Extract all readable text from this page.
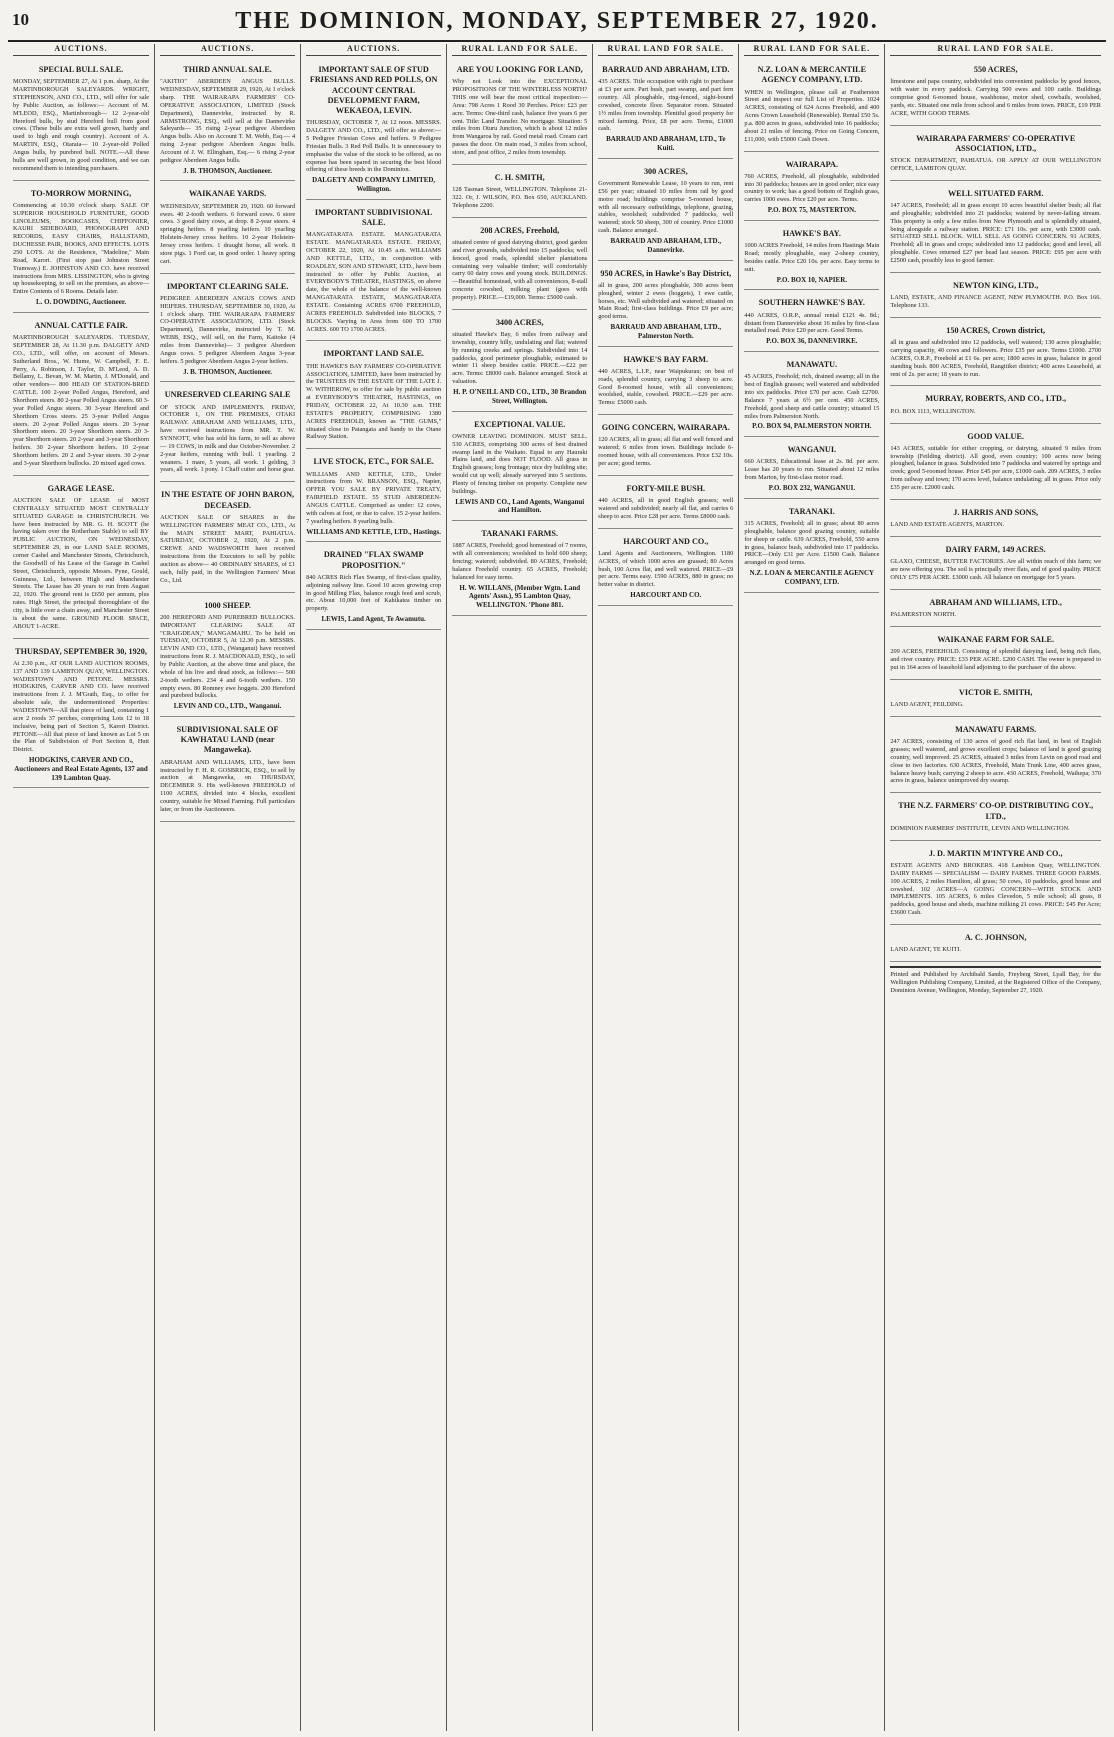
10	THE DOMINION, MONDAY, SEPTEMBER 27, 1920.
AUCTIONS.
SPECIAL BULL SALE.

MONDAY, SEPTEMBER 27, At 1 p.m. sharp, At the MARTINBOROUGH SALEYARDS. WRIGHT, STEPHENSON, AND CO., LTD., will offer for sale by Public Auction, as follows:— Account of M. M'LEOD, ESQ., Martinborough— 12 2-year-old Hereford bulls, by stud Hereford bull from good cows. (These bulls are extra well grown, hardy and used to high and rough country). Account of A. MARTIN, ESQ., Otaraia— 10 2-year-old Polled Angus bulls, by purebred bull. NOTE.—All these bulls are well grown, in good condition, and we can recommend them to intending purchasers.

TO-MORROW MORNING,

Commencing at 10.30 o'clock sharp. SALE OF SUPERIOR HOUSEHOLD FURNITURE, GOOD LINOLEUMS, BOOKCASES, CHIFFONIER, KAURI SIDEBOARD, PHONOGRAPH AND RECORDS, EASY CHAIRS, HALLSTAND, DUCHESSE PAIR, BOOKS, AND EFFECTS. LOTS 250 LOTS. At the Residence, "Madeline," Main Road, Karori. (First stop past Johnston Street Tramway.) E. JOHNSTON AND CO. have received instructions from MRS. LISSINGTON, who is giving up housekeeping, to sell on the premises, as above— Entire Contents of 6 Rooms. Details later.

L. O. DOWDING, Auctioneer.
ANNUAL CATTLE FAIR.

MARTINBOROUGH SALEYARDS. TUESDAY, SEPTEMBER 28, At 11.30 p.m. DALGETY AND CO., LTD., will offer, on account of Messrs. Sutherland Bros., W. Hume, W. Campbell, F. E. Perry, A. Robinson, J. Taylor, D. M'Leod, A. D. Bellamy, L. Bevan, W. M. Martin, J. M'Donald, and other vendors— 800 HEAD OF STATION-BRED CATTLE. 100 2-year Polled Angus, Hereford, and Shorthorn steers. 80 2-year Polled Angus steers. 60 3-year Polled Angus steers. 30 3-year Hereford and Shorthorn Cross steers. 25 3-year Polled Angus steers. 20 2-year Polled Angus steers. 20 3-year Shorthorn steers. 20 3-year Shorthorn steers. 20 3-year Shorthorn steers. 20 2-year and 3-year Shorthorn heifers. 30 2-year Shorthorn heifers. 10 2-year Shorthorn heifers. 20 2 and 3-year steers. 30 2-year and 3-year Shorthorn bullocks. 20 mixed aged cows.

GARAGE LEASE.

AUCTION SALE OF LEASE of MOST CENTRALLY SITUATED MOST CENTRALLY SITUATED GARAGE in CHRISTCHURCH. We have been instructed by MR. G. H. SCOTT (he having taken over the Rotherham Stable) to sell BY PUBLIC AUCTION, ON WEDNESDAY, SEPTEMBER 29, in our LAND SALE ROOMS, corner Cashel and Manchester Streets, Christchurch, the Goodwill of his Lease of the Garage in Cashel Street, Christchurch, opposite Messrs. Pyne, Gould, Guinness, Ltd., between High and Manchester Streets. The Lease has 20 years to run from August 22, 1920. The ground rent is £650 per annum, plus rates. High Street, the principal thoroughfare of the city, is little over a chain away, and Manchester Street is about the same. GROUND FLOOR SPACE, ABOUT 1-ACRE.

THURSDAY, SEPTEMBER 30, 1920,

At 2.30 p.m., AT OUR LAND AUCTION ROOMS, 137 AND 139 LAMBTON QUAY, WELLINGTON. WADESTOWN AND PETONE. MESSRS. HODGKINS, CARVER AND CO. have received instructions from J. J. M'Grath, Esq., to offer for absolute sale, the undermentioned Properties: WADESTOWN—All that piece of land, containing 1 acre 2 roods 37 perches, comprising Lots 12 to 18 inclusive, being part of Section 5, Karori District. PETONE—All that piece of land known as Lot 5 on the Plan of Subdivision of Port Section 8, Hutt District.

HODGKINS, CARVER AND CO., Auctioneers and Real Estate Agents, 137 and 139 Lambton Quay.
AUCTIONS.
THIRD ANNUAL SALE.

"AKITIO" ABERDEEN ANGUS BULLS. WEDNESDAY, SEPTEMBER 29, 1920, At 1 o'clock sharp. THE WAIRARAPA FARMERS' CO-OPERATIVE ASSOCIATION, LIMITED (Stock Department), Dannevirke, instructed by R. ARMSTRONG, ESQ., will sell at the Dannevirke Saleyards— 35 rising 2-year pedigree Aberdeen Angus bulls. Also on Account T. M. Webb, Esq.— 4 rising 2-year pedigree Aberdeen Angus bulls. Account of J. W. Ellingham, Esq.— 6 rising 2-year pedigree Aberdeen Angus bulls.

J. B. THOMSON, Auctioneer.
WAIKANAE YARDS.

WEDNESDAY, SEPTEMBER 29, 1920. 60 forward ewes. 40 2-tooth wethers. 6 forward cows. 6 store cows. 3 good dairy cows, at drop. 8 2-year steers. 4 springing heifers. 8 yearling heifers. 10 yearling Holstein-Jersey cross heifers. 10 2-year Holstein-Jersey cross heifers. 1 draught horse, all work. 8 store pigs. 1 Ford car, in good order. 1 heavy spring cart.

IMPORTANT CLEARING SALE.

PEDIGREE ABERDEEN ANGUS COWS AND HEIFERS. THURSDAY, SEPTEMBER 30, 1920, At 1 o'clock sharp. THE WAIRARAPA FARMERS' CO-OPERATIVE ASSOCIATION, LTD. (Stock Department), Dannevirke, instructed by T. M. WEBB, ESQ., will sell, on the Farm, Kaitoke (4 miles from Dannevirke)— 3 pedigree Aberdeen Angus cows. 5 pedigree Aberdeen Angus 3-year heifers. 5 pedigree Aberdeen Angus 2-year heifers.

J. B. THOMSON, Auctioneer.
UNRESERVED CLEARING SALE

OF STOCK AND IMPLEMENTS. FRIDAY, OCTOBER 1, ON THE PREMISES, OTAKI RAILWAY. ABRAHAM AND WILLIAMS, LTD., have received instructions from MR. T. W. SYNNOTT, who has sold his farm, to sell as above— 19 COWS, in milk and due October-November. 2 2-year heifers, running with bull. 1 yearling. 2 weaners. 1 mare, 5 years, all work. 1 gelding, 3 years, all work. 1 pony. 1 Chaff cutter and horse gear.

IN THE ESTATE OF JOHN BARON, DECEASED.

AUCTION SALE OF SHARES in the WELLINGTON FARMERS' MEAT CO., LTD., At the MAIN STREET MART, PAHIATUA. SATURDAY, OCTOBER 2, 1920, At 2 p.m. CREWE AND WADSWORTH have received instructions from the Executors to sell by public auction as above— 40 ORDINARY SHARES, of £1 each, fully paid, in the Wellington Farmers' Meat Co., Ltd.

1000 SHEEP.

200 HEREFORD AND PUREBRED BULLOCKS. IMPORTANT CLEARING SALE AT "CRAIGDEAN," MANGAMAHU. To be held on TUESDAY, OCTOBER 5, At 12.30 p.m. MESSRS. LEVIN AND CO., LTD., (Wanganui) have received instructions from R. J. MACDONALD, ESQ., to sell by Public Auction, at the above time and place, the whole of his live and dead stock, as follows:— 500 2-tooth wethers. 234 4 and 6-tooth wethers. 150 empty ewes. 80 Romney ewe hoggets. 200 Hereford and purebred bullocks.

LEVIN AND CO., LTD., Wanganui.
SUBDIVISIONAL SALE OF KAWHATAU LAND (near Mangaweka).

ABRAHAM AND WILLIAMS, LTD., have been instructed by F. H. R. GOSBRICK, ESQ., to sell by auction at Mangaweka, on THURSDAY, DECEMBER 9. His well-known FREEHOLD of 1100 ACRES, divided into 4 blocks, excellent country, suitable for Mixed Farming. Full particulars later, or from the Auctioneers.

AUCTIONS.
IMPORTANT SALE OF STUD FRIESIANS AND RED POLLS, ON ACCOUNT CENTRAL DEVELOPMENT FARM, WEKAEOA, LEVIN.

THURSDAY, OCTOBER 7, At 12 noon. MESSRS. DALGETY AND CO., LTD., will offer as above:— 5 Pedigree Friesian Cows and heifers. 9 Pedigree Friesian Bulls. 3 Red Poll Bulls. It is unnecessary to emphasise the value of the stock to be offered, as no expense has been spared in securing the best blood offering of these breeds in the Dominion.

DALGETY AND COMPANY LIMITED, Wellington.
IMPORTANT SUBDIVISIONAL SALE.

MANGATARATA ESTATE. MANGATARATA ESTATE. MANGATARATA ESTATE. FRIDAY, OCTOBER 22, 1920, At 10.45 a.m. WILLIAMS AND KETTLE, LTD., in conjunction with ROADLEY, SON AND STEWART, LTD., have been instructed to offer by Public Auction, at EVERYBODY'S THEATRE, HASTINGS, on above date, the whole of the balance of the well-known MANGATARATA ESTATE, MANGATARATA ESTATE. Containing ACRES 6700 FREEHOLD, ACRES FREEHOLD. Subdivided into BLOCKS, 7 BLOCKS. Varying in Area from 600 TO 1700 ACRES. 600 TO 1700 ACRES.

IMPORTANT LAND SALE.

THE HAWKE'S BAY FARMERS' CO-OPERATIVE ASSOCIATION, LIMITED, have been instructed by the TRUSTEES IN THE ESTATE OF THE LATE J. W. WITHEROW, to offer for sale by public auction at EVERYBODY'S THEATRE, HASTINGS, on FRIDAY, OCTOBER 22, At 10.30 a.m. THE ESTATE'S PROPERTY, COMPRISING 1380 ACRES FREEHOLD, known as "THE GUMS," situated close to Patangata and handy to the Otane Railway Station.

LIVE STOCK, ETC., FOR SALE.

WILLIAMS AND KETTLE, LTD., Under instructions from W. BRANSON, ESQ., Napier, OFFER YOU SALE BY PRIVATE TREATY, FAIRFIELD ESTATE. 55 STUD ABERDEEN-ANGUS CATTLE. Comprised as under: 12 cows, with calves at foot, or due to calve. 15 2-year heifers. 7 yearling heifers. 8 yearling bulls.

WILLIAMS AND KETTLE, LTD., Hastings.
DRAINED "FLAX SWAMP PROPOSITION."

840 ACRES Rich Flax Swamp, of first-class quality, adjoining railway line. Good 10 acres growing crop in good Milling Flax, balance rough feed and scrub, etc. About 10,000 feet of Kahikatea timber on property.

LEWIS, Land Agent, Te Awamutu.
RURAL LAND FOR SALE.
ARE YOU LOOKING FOR LAND,

Why not Look into the EXCEPTIONAL PROPOSITIONS OF THE WINTERLESS NORTH? THIS one will bear the most critical inspection:— Area: 798 Acres 1 Rood 30 Perches. Price: £23 per acre. Terms: One-third cash, balance five years 6 per cent. Title: Land Transfer. No mortgage. Situation: 5 miles from Oturu Junction, which is about 12 miles from Wangaroa by rail. Good metal road. Cream cart passes the door. On main road, 3 miles from school, store, and post office, 2 miles from township.

C. H. SMITH,

128 Tasman Street, WELLINGTON. Telephone 21-322. Or, J. WILSON, P.O. Box 650, AUCKLAND. Telephone 2200.

208 ACRES, Freehold,

situated centre of good dairying district, good garden and river grounds, subdivided into 15 paddocks; well fenced, good roads, splendid shelter plantations containing very valuable timber; will comfortably carry 60 dairy cows and young stock. BUILDINGS.—Beautiful homestead, with all conveniences, 8-stall concrete cowshed, milking plant (goes with property). PRICE.—£19,000. Terms: £5000 cash.

3400 ACRES,

situated Hawke's Bay, 6 miles from railway and township, country hilly, undulating and flat; watered by running creeks and springs. Subdivided into 14 paddocks, good perimeter ploughable, estimated to winter 11 sheep besides cattle. PRICE.—£22 per acre. Terms: £8000 cash. Balance arranged. Stock at valuation.

H. P. O'NEILL AND CO., LTD., 30 Brandon Street, Wellington.
EXCEPTIONAL VALUE.

OWNER LEAVING DOMINION. MUST SELL. 530 ACRES, comprising 300 acres of best drained swamp land in the Waikato. Equal to any Hauraki Plains land, and does NOT FLOOD. All grass in English grasses; long frontage; nice dry building site; would cut up well; already surveyed into 5 sections. Plenty of fencing timber on property. Complete new buildings.

LEWIS AND CO., Land Agents, Wanganui and Hamilton.
TARANAKI FARMS.

1887 ACRES, Freehold; good homestead of 7 rooms, with all conveniences; woolshed to hold 600 sheep; fencing; watered; subdivided. 80 ACRES, Freehold; balance Freehold country. 65 ACRES, Freehold; balanced for easy terms.

H. W. WILLANS, (Member Wgtn. Land Agents' Assn.), 95 Lambton Quay, WELLINGTON. 'Phone 881.
RURAL LAND FOR SALE.
BARRAUD AND ABRAHAM, LTD.

435 ACRES. Title occupation with right to purchase at £3 per acre. Part bush, part swamp, and part fern country. All ploughable, ring-fenced, sight-bound cowshed, concrete floor. Separator room. Situated 1½ miles from township. Plentiful good property for mixed farming. Price, £8 per acre. Terms, £1000 cash.

BARRAUD AND ABRAHAM, LTD., Te Kuiti.
300 ACRES,

Government Renewable Lease, 10 years to run, rent £56 per year; situated 10 miles from rail by good motor road; buildings comprise 5-roomed house, with all necessary outbuildings, telephone, grazing, stables, woolshed; subdivided 7 paddocks, well watered; stock 50 sheep, 300 of country. Price £1000 cash. Balance arranged.

BARRAUD AND ABRAHAM, LTD., Dannevirke.
950 ACRES, in Hawke's Bay District,

all in grass, 200 acres ploughable, 300 acres been ploughed, winter 2 ewes (hoggets), 1 ewe cattle, horses, etc. Well subdivided and watered; situated on Main Road; first-class buildings. Price £9 per acre; good terms.

BARRAUD AND ABRAHAM, LTD., Palmerston North.
HAWKE'S BAY FARM.

440 ACRES, L.I.P., near Waipukurau; on best of roads, splendid country, carrying 3 sheep to acre. Good 8-roomed house, with all conveniences; woolshed, stable, cowshed. PRICE.—£29 per acre. Terms: £5000 cash.

GOING CONCERN, WAIRARAPA.

120 ACRES, all in grass; all flat and well fenced and watered; 6 miles from town. Buildings include 6-roomed house, with all conveniences. Price £32 10s. per acre; good terms.

FORTY-MILE BUSH.

440 ACRES, all in good English grasses; well watered and subdivided; nearly all flat, and carries 6 sheep to acre. Price £28 per acre. Terms £8000 cash.

HARCOURT AND CO.,

Land Agents and Auctioneers, Wellington. 1180 ACRES, of which 1000 acres are grassed; 80 Acres bush, 100 Acres flat, and well watered. PRICE—£9 per acre. Terms easy. 1590 ACRES, 880 in grass; no better value in district.

HARCOURT AND CO.
RURAL LAND FOR SALE.
N.Z. LOAN & MERCANTILE AGENCY COMPANY, LTD.

WHEN in Wellington, please call at Featherston Street and inspect our full List of Properties. 1024 ACRES, consisting of 624 Acres Freehold, and 400 Acres Crown Leasehold (Renewable). Rental £50 5s. p.a. 800 acres in grass, subdivided into 16 paddocks; about 21 miles of fencing. Price on Going Concern, £11,000, with £5000 Cash Down.

WAIRARAPA.

760 ACRES, Freehold, all ploughable, subdivided into 30 paddocks; houses are in good order; nice easy country to work; has a good bottom of English grass, carries 1000 ewes. Price £20 per acre. Terms.

P.O. BOX 75, MASTERTON.
HAWKE'S BAY.

1000 ACRES Freehold, 14 miles from Hastings Main Road; mostly ploughable, easy 2-sheep country, besides cattle. Price £20 10s. per acre. Easy terms to suit.

P.O. BOX 10, NAPIER.
SOUTHERN HAWKE'S BAY.

440 ACRES, O.R.P., annual rental £121 4s. 8d.; distant from Dannevirke about 16 miles by first-class metalled road. Price £20 per acre. Good Terms.

P.O. BOX 36, DANNEVIRKE.
MANAWATU.

45 ACRES, Freehold; rich, drained swamp; all in the best of English grasses; well watered and subdivided into six paddocks. Price £70 per acre. Cash £2700. Balance 7 years at 6½ per cent. 450 ACRES, Freehold, good sheep and cattle country; situated 15 miles from Palmerston North.

P.O. BOX 94, PALMERSTON NORTH.
WANGANUI.

660 ACRES, Educational lease at 2s. 8d. per acre. Lease has 20 years to run. Situated about 12 miles from Marton, by first-class motor road.

P.O. BOX 232, WANGANUI.
TARANAKI.

315 ACRES, Freehold; all in grass; about 80 acres ploughable, balance good grazing country, suitable for sheep or cattle. 639 ACRES, Freehold, 550 acres in grass, balance bush, subdivided into 17 paddocks. PRICE—Only £31 per Acre. £1500 Cash. Balance arranged on good terms.

N.Z. LOAN & MERCANTILE AGENCY COMPANY, LTD.
RURAL LAND FOR SALE.
550 ACRES,

limestone and papa country, subdivided into convenient paddocks by good fences, with water in every paddock. Carrying 500 ewes and 100 cattle. Buildings comprise good 6-roomed house, washhouse, motor shed, cowbails, woolshed, yards, etc. Situated one mile from school and 6 miles from town. PRICE, £19 PER ACRE, WITH GOOD TERMS.

WAIRARAPA FARMERS' CO-OPERATIVE ASSOCIATION, LTD.,

STOCK DEPARTMENT, PAHIATUA. OR APPLY AT OUR WELLINGTON OFFICE, LAMBTON QUAY.

WELL SITUATED FARM.

147 ACRES, Freehold; all in grass except 10 acres beautiful shelter bush; all flat and ploughable; subdivided into 21 paddocks; watered by never-failing stream. This property is only a few miles from New Plymouth and is splendidly situated, being alongside a railway station. PRICE: £71 10s. per acre, with £3000 cash. SITUATED SELL BLOCK. WILL SELL AS GOING CONCERN. 91 ACRES, Freehold; all in grass and crops; subdivided into 12 paddocks; good and level, all ploughable. Cows returned £27 per head last season. PRICE: £95 per acre with £2500 cash, possibly less to good farmer.

NEWTON KING, LTD.,

LAND, ESTATE, AND FINANCE AGENT, NEW PLYMOUTH. P.O. Box 166. Telephone 133.

150 ACRES, Crown district,

all in grass and subdivided into 12 paddocks, well watered; 130 acres ploughable; carrying capacity, 40 cows and followers. Price £35 per acre. Terms £1000. 2700 ACRES, O.R.P., Freehold at £1 6s. per acre; 1800 acres in grass, balance in good standing bush. 800 ACRES, Freehold, Rangitikei district; 400 acres Leasehold, at rent of 2s. per acre; 18 years to run.

MURRAY, ROBERTS, AND CO., LTD.,

P.O. BOX 1113, WELLINGTON.

GOOD VALUE.

143 ACRES, suitable for either cropping, or dairying, situated 9 miles from township (Feilding district). All good, even country; 100 acres now being ploughed, balance in grass. Subdivided into 7 paddocks and watered by springs and creek; good 5-roomed house. Price £45 per acre, £1000 cash. 209 ACRES, 3 miles from railway and town; 170 acres level, balance undulating; all in grass. Price only £35 per acre. £2000 cash.

J. HARRIS AND SONS,

LAND AND ESTATE AGENTS, MARTON.

DAIRY FARM, 149 ACRES.

GLAXO, CHEESE, BUTTER FACTORIES. Are all within reach of this farm; we are now offering you. The soil is principally river flats, and of good quality. PRICE ONLY £75 PER ACRE. £3000 cash. All balance on mortgage for 5 years.

ABRAHAM AND WILLIAMS, LTD.,

PALMERSTON NORTH.

WAIKANAE FARM FOR SALE.

209 ACRES, FREEHOLD. Consisting of splendid dairying land, being rich flats, and river country. PRICE: £33 PER ACRE. £200 CASH. The owner is prepared to put in 164 acres of leasehold land adjoining to the purchaser of the above.

VICTOR E. SMITH,

LAND AGENT, FEILDING.

MANAWATU FARMS.

247 ACRES, consisting of 130 acres of good rich flat land, in best of English grasses; well watered, and grows excellent crops; balance of land is good grazing country, well improved. 25 ACRES, situated 3 miles from Levin on good road and close to two factories. 630 ACRES, Freehold, Main Trunk Line, 400 acres grass, balance heavy bush; carrying 2 sheep to acre. 430 ACRES, Freehold, Waihepa; 370 acres in grass, balance unimproved dry swamp.

THE N.Z. FARMERS' CO-OP. DISTRIBUTING COY., LTD.,

DOMINION FARMERS' INSTITUTE, LEVIN AND WELLINGTON.

J. D. MARTIN M'INTYRE AND CO.,

ESTATE AGENTS AND BROKERS. 418 Lambton Quay, WELLINGTON. DAIRY FARMS — SPECIALISM — DAIRY FARMS. THREE GOOD FARMS. 100 ACRES, 2 miles Hamilton, all grass; 50 cows, 10 paddocks, good house and cowshed. 102 ACRES—A GOING CONCERN—WITH STOCK AND IMPLEMENTS. 105 ACRES, 6 miles Clevedon, 5 mile school; all grass, 8 paddocks, good house and sheds, machine milking 21 cows. PRICE: £45 Per Acre; £3600 Cash.

A. C. JOHNSON,

LAND AGENT, TE KUITI.

Printed and Published by Archibald Sando, Freyberg Street, Lyall Bay, for the Wellington Publishing Company, Limited, at the Registered Office of the Company, Dominion Avenue, Wellington, Monday, September 27, 1920.
